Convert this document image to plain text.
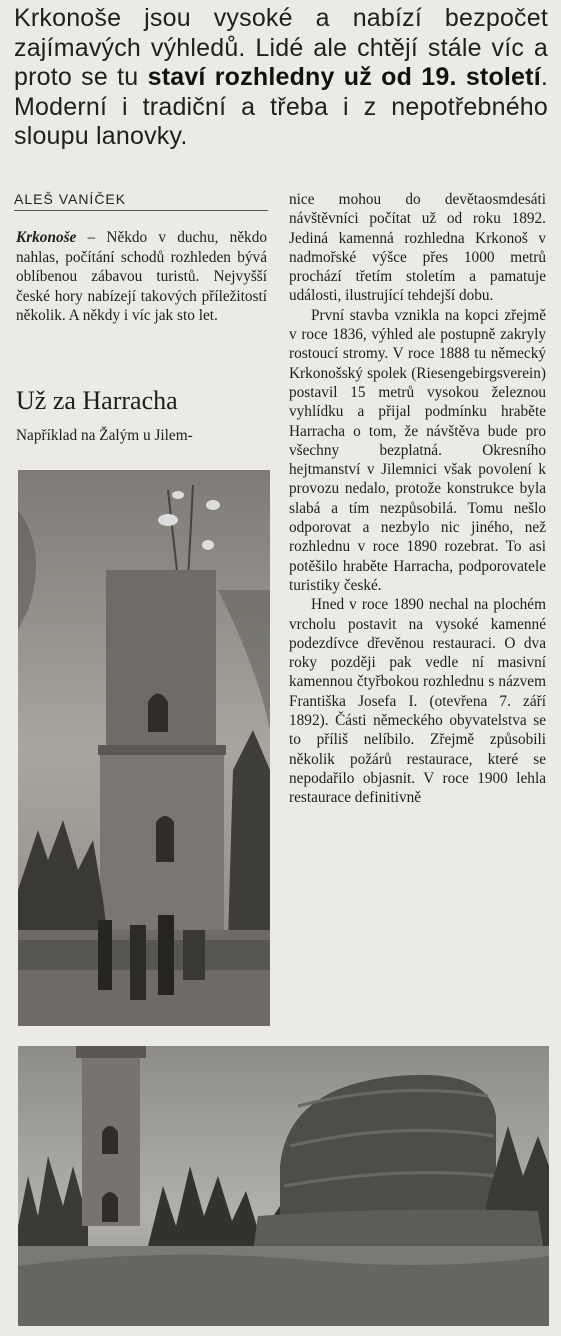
Krkonoše jsou vysoké a nabízí bezpočet zajímavých výhledů. Lidé ale chtějí stále víc a proto se tu staví rozhledny už od 19. století. Moderní i tradiční a třeba i z nepotřebného sloupu lanovky.
ALEŠ VANÍČEK

Krkonoše – Někdo v duchu, někdo nahlas, počítání schodů rozhleden bývá oblíbenou zábavou turistů. Nejvyšší české hory nabízejí takových příležitostí několik. A někdy i víc jak sto let.

Už za Harracha
Například na Žalým u Jilem-

nice mohou do devětaosmdesáti návštěvníci počítat už od roku 1892. Jediná kamenná rozhledna Krkonoš v nadmořské výšce přes 1000 metrů prochází třetím stoletím a pamatuje události, ilustrující tehdejší dobu.

První stavba vznikla na kopci zřejmě v roce 1836, výhled ale postupně zakryly rostoucí stromy. V roce 1888 tu německý Krkonošský spolek (Riesengebirgsverein) postavil 15 metrů vysokou železnou vyhlídku a přijal podmínku hraběte Harracha o tom, že návštěva bude pro všechny bezplatná. Okresního hejtmanství v Jilemnici však povolení k provozu nedalo, protože konstrukce byla slabá a tím nezpůsobilá. Tomu nešlo odporovat a nezbylo nic jiného, než rozhlednu v roce 1890 rozebrat. To asi potěšilo hraběte Harracha, podporovatele turistiky české.

Hned v roce 1890 nechal na plochém vrcholu postavit na vysoké kamenné podezdívce dřevěnou restauraci. O dva roky později pak vedle ní masivní kamennou čtyřbokou rozhlednu s názvem Františka Josefa I. (otevřena 7. září 1892). Části německého obyvatelstva se to příliš nelíbilo. Zřejmě způsobili několik požárů restaurace, které se nepodařilo objasnit. V roce 1900 lehla restaurace definitivně
